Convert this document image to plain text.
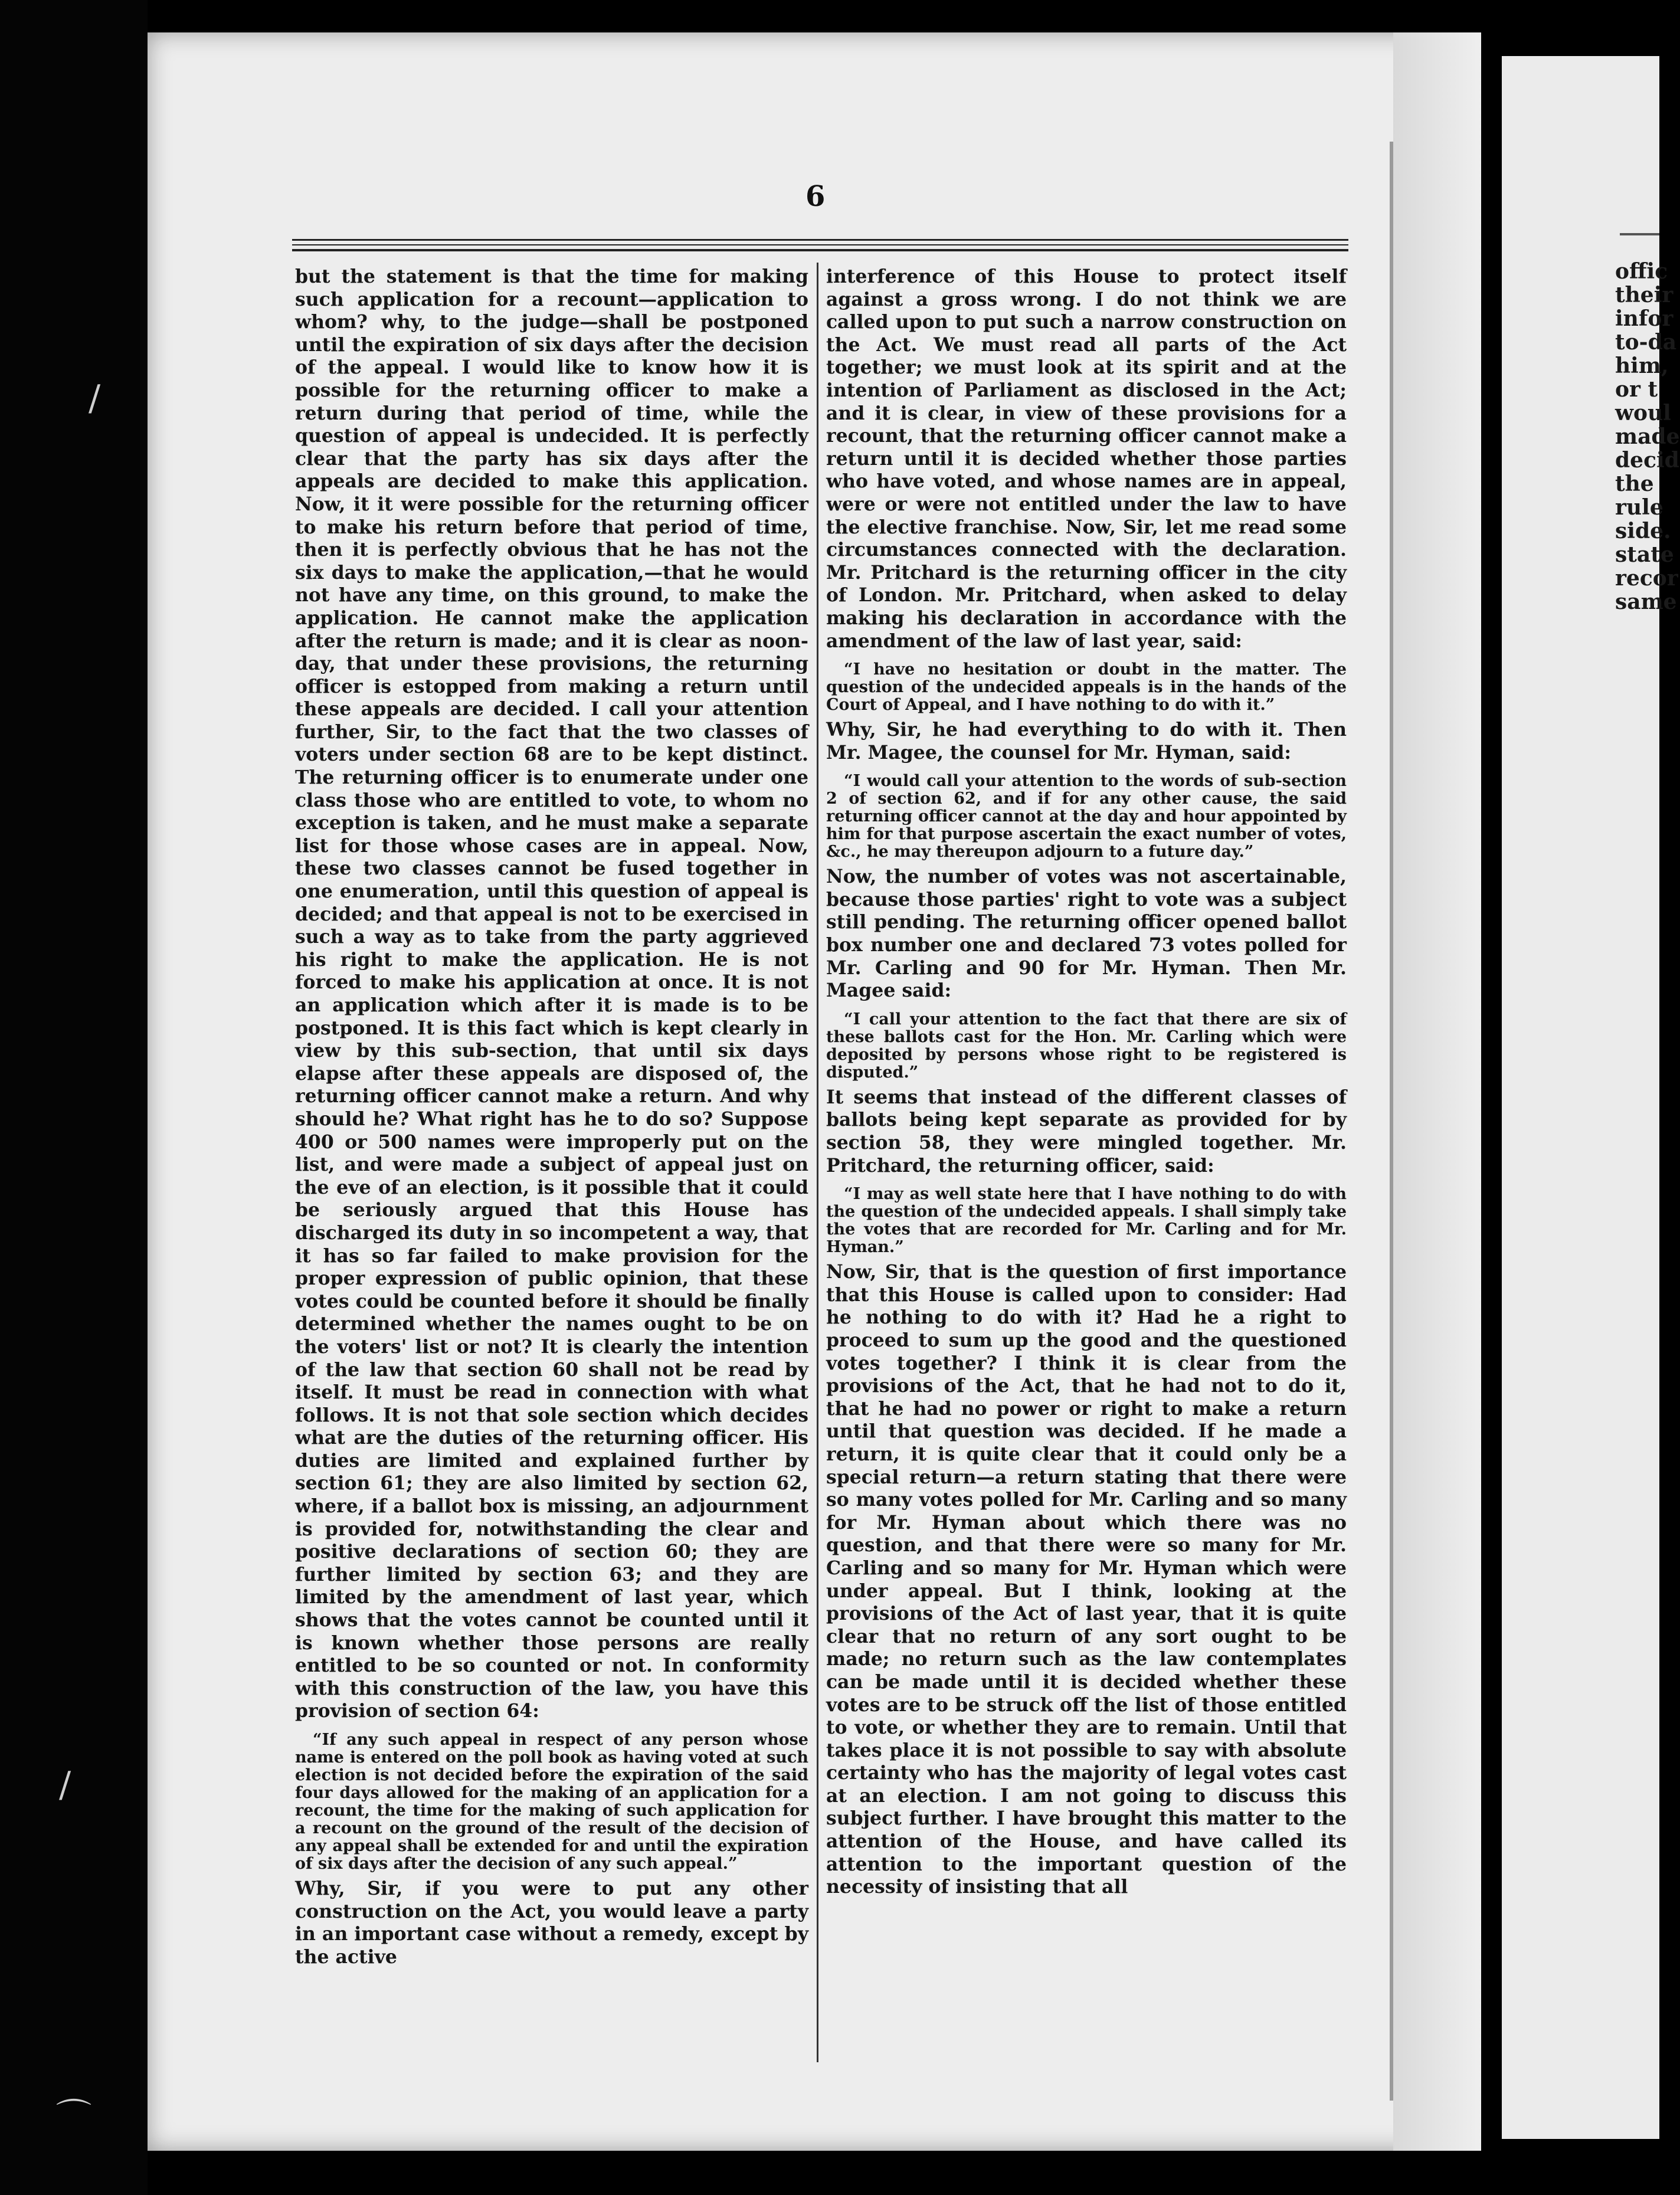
/
/
⌒
offic
their
infor
to-da
him,
or t
woul
made
decid
the
rule
side.
state
recor
same
6

but the statement is that the time for making such application for a recount—application to whom? why, to the judge—shall be postponed until the expiration of six days after the decision of the appeal. I would like to know how it is possible for the returning officer to make a return during that period of time, while the question of appeal is undecided. It is perfectly clear that the party has six days after the appeals are decided to make this application. Now, it it were possible for the returning officer to make his return before that period of time, then it is perfectly obvious that he has not the six days to make the application,—that he would not have any time, on this ground, to make the application. He cannot make the application after the return is made; and it is clear as noon-day, that under these provisions, the returning officer is estopped from making a return until these appeals are decided. I call your attention further, Sir, to the fact that the two classes of voters under section 68 are to be kept distinct. The returning officer is to enumerate under one class those who are entitled to vote, to whom no exception is taken, and he must make a separate list for those whose cases are in appeal. Now, these two classes cannot be fused together in one enumeration, until this question of appeal is decided; and that appeal is not to be exercised in such a way as to take from the party aggrieved his right to make the application. He is not forced to make his application at once. It is not an application which after it is made is to be postponed. It is this fact which is kept clearly in view by this sub-section, that until six days elapse after these appeals are disposed of, the returning officer cannot make a return. And why should he? What right has he to do so? Suppose 400 or 500 names were improperly put on the list, and were made a subject of appeal just on the eve of an election, is it possible that it could be seriously argued that this House has discharged its duty in so incompetent a way, that it has so far failed to make provision for the proper expression of public opinion, that these votes could be counted before it should be finally determined whether the names ought to be on the voters' list or not? It is clearly the intention of the law that section 60 shall not be read by itself. It must be read in connection with what follows. It is not that sole section which decides what are the duties of the returning officer. His duties are limited and explained further by section 61; they are also limited by section 62, where, if a ballot box is missing, an adjournment is provided for, notwithstanding the clear and positive declarations of section 60; they are further limited by section 63; and they are limited by the amendment of last year, which shows that the votes cannot be counted until it is known whether those persons are really entitled to be so counted or not. In conformity with this construction of the law, you have this provision of section 64:

“If any such appeal in respect of any person whose name is entered on the poll book as having voted at such election is not decided before the expiration of the said four days allowed for the making of an application for a recount, the time for the making of such application for a recount on the ground of the result of the decision of any appeal shall be extended for and until the expiration of six days after the decision of any such appeal.”

Why, Sir, if you were to put any other construction on the Act, you would leave a party in an important case without a remedy, except by the active

interference of this House to protect itself against a gross wrong. I do not think we are called upon to put such a narrow construction on the Act. We must read all parts of the Act together; we must look at its spirit and at the intention of Parliament as disclosed in the Act; and it is clear, in view of these provisions for a recount, that the returning officer cannot make a return until it is decided whether those parties who have voted, and whose names are in appeal, were or were not entitled under the law to have the elective franchise. Now, Sir, let me read some circumstances connected with the declaration. Mr. Pritchard is the returning officer in the city of London. Mr. Pritchard, when asked to delay making his declaration in accordance with the amendment of the law of last year, said:

“I have no hesitation or doubt in the matter. The question of the undecided appeals is in the hands of the Court of Appeal, and I have nothing to do with it.”

Why, Sir, he had everything to do with it. Then Mr. Magee, the counsel for Mr. Hyman, said:

“I would call your attention to the words of sub-section 2 of section 62, and if for any other cause, the said returning officer cannot at the day and hour appointed by him for that purpose ascertain the exact number of votes, &c., he may thereupon adjourn to a future day.”

Now, the number of votes was not ascertainable, because those parties' right to vote was a subject still pending. The returning officer opened ballot box number one and declared 73 votes polled for Mr. Carling and 90 for Mr. Hyman. Then Mr. Magee said:

“I call your attention to the fact that there are six of these ballots cast for the Hon. Mr. Carling which were deposited by persons whose right to be registered is disputed.”

It seems that instead of the different classes of ballots being kept separate as provided for by section 58, they were mingled together. Mr. Pritchard, the returning officer, said:

“I may as well state here that I have nothing to do with the question of the undecided appeals. I shall simply take the votes that are recorded for Mr. Carling and for Mr. Hyman.”

Now, Sir, that is the question of first importance that this House is called upon to consider: Had he nothing to do with it? Had he a right to proceed to sum up the good and the questioned votes together? I think it is clear from the provisions of the Act, that he had not to do it, that he had no power or right to make a return until that question was decided. If he made a return, it is quite clear that it could only be a special return—a return stating that there were so many votes polled for Mr. Carling and so many for Mr. Hyman about which there was no question, and that there were so many for Mr. Carling and so many for Mr. Hyman which were under appeal. But I think, looking at the provisions of the Act of last year, that it is quite clear that no return of any sort ought to be made; no return such as the law contemplates can be made until it is decided whether these votes are to be struck off the list of those entitled to vote, or whether they are to remain. Until that takes place it is not possible to say with absolute certainty who has the majority of legal votes cast at an election. I am not going to discuss this subject further. I have brought this matter to the attention of the House, and have called its attention to the important question of the necessity of insisting that all
